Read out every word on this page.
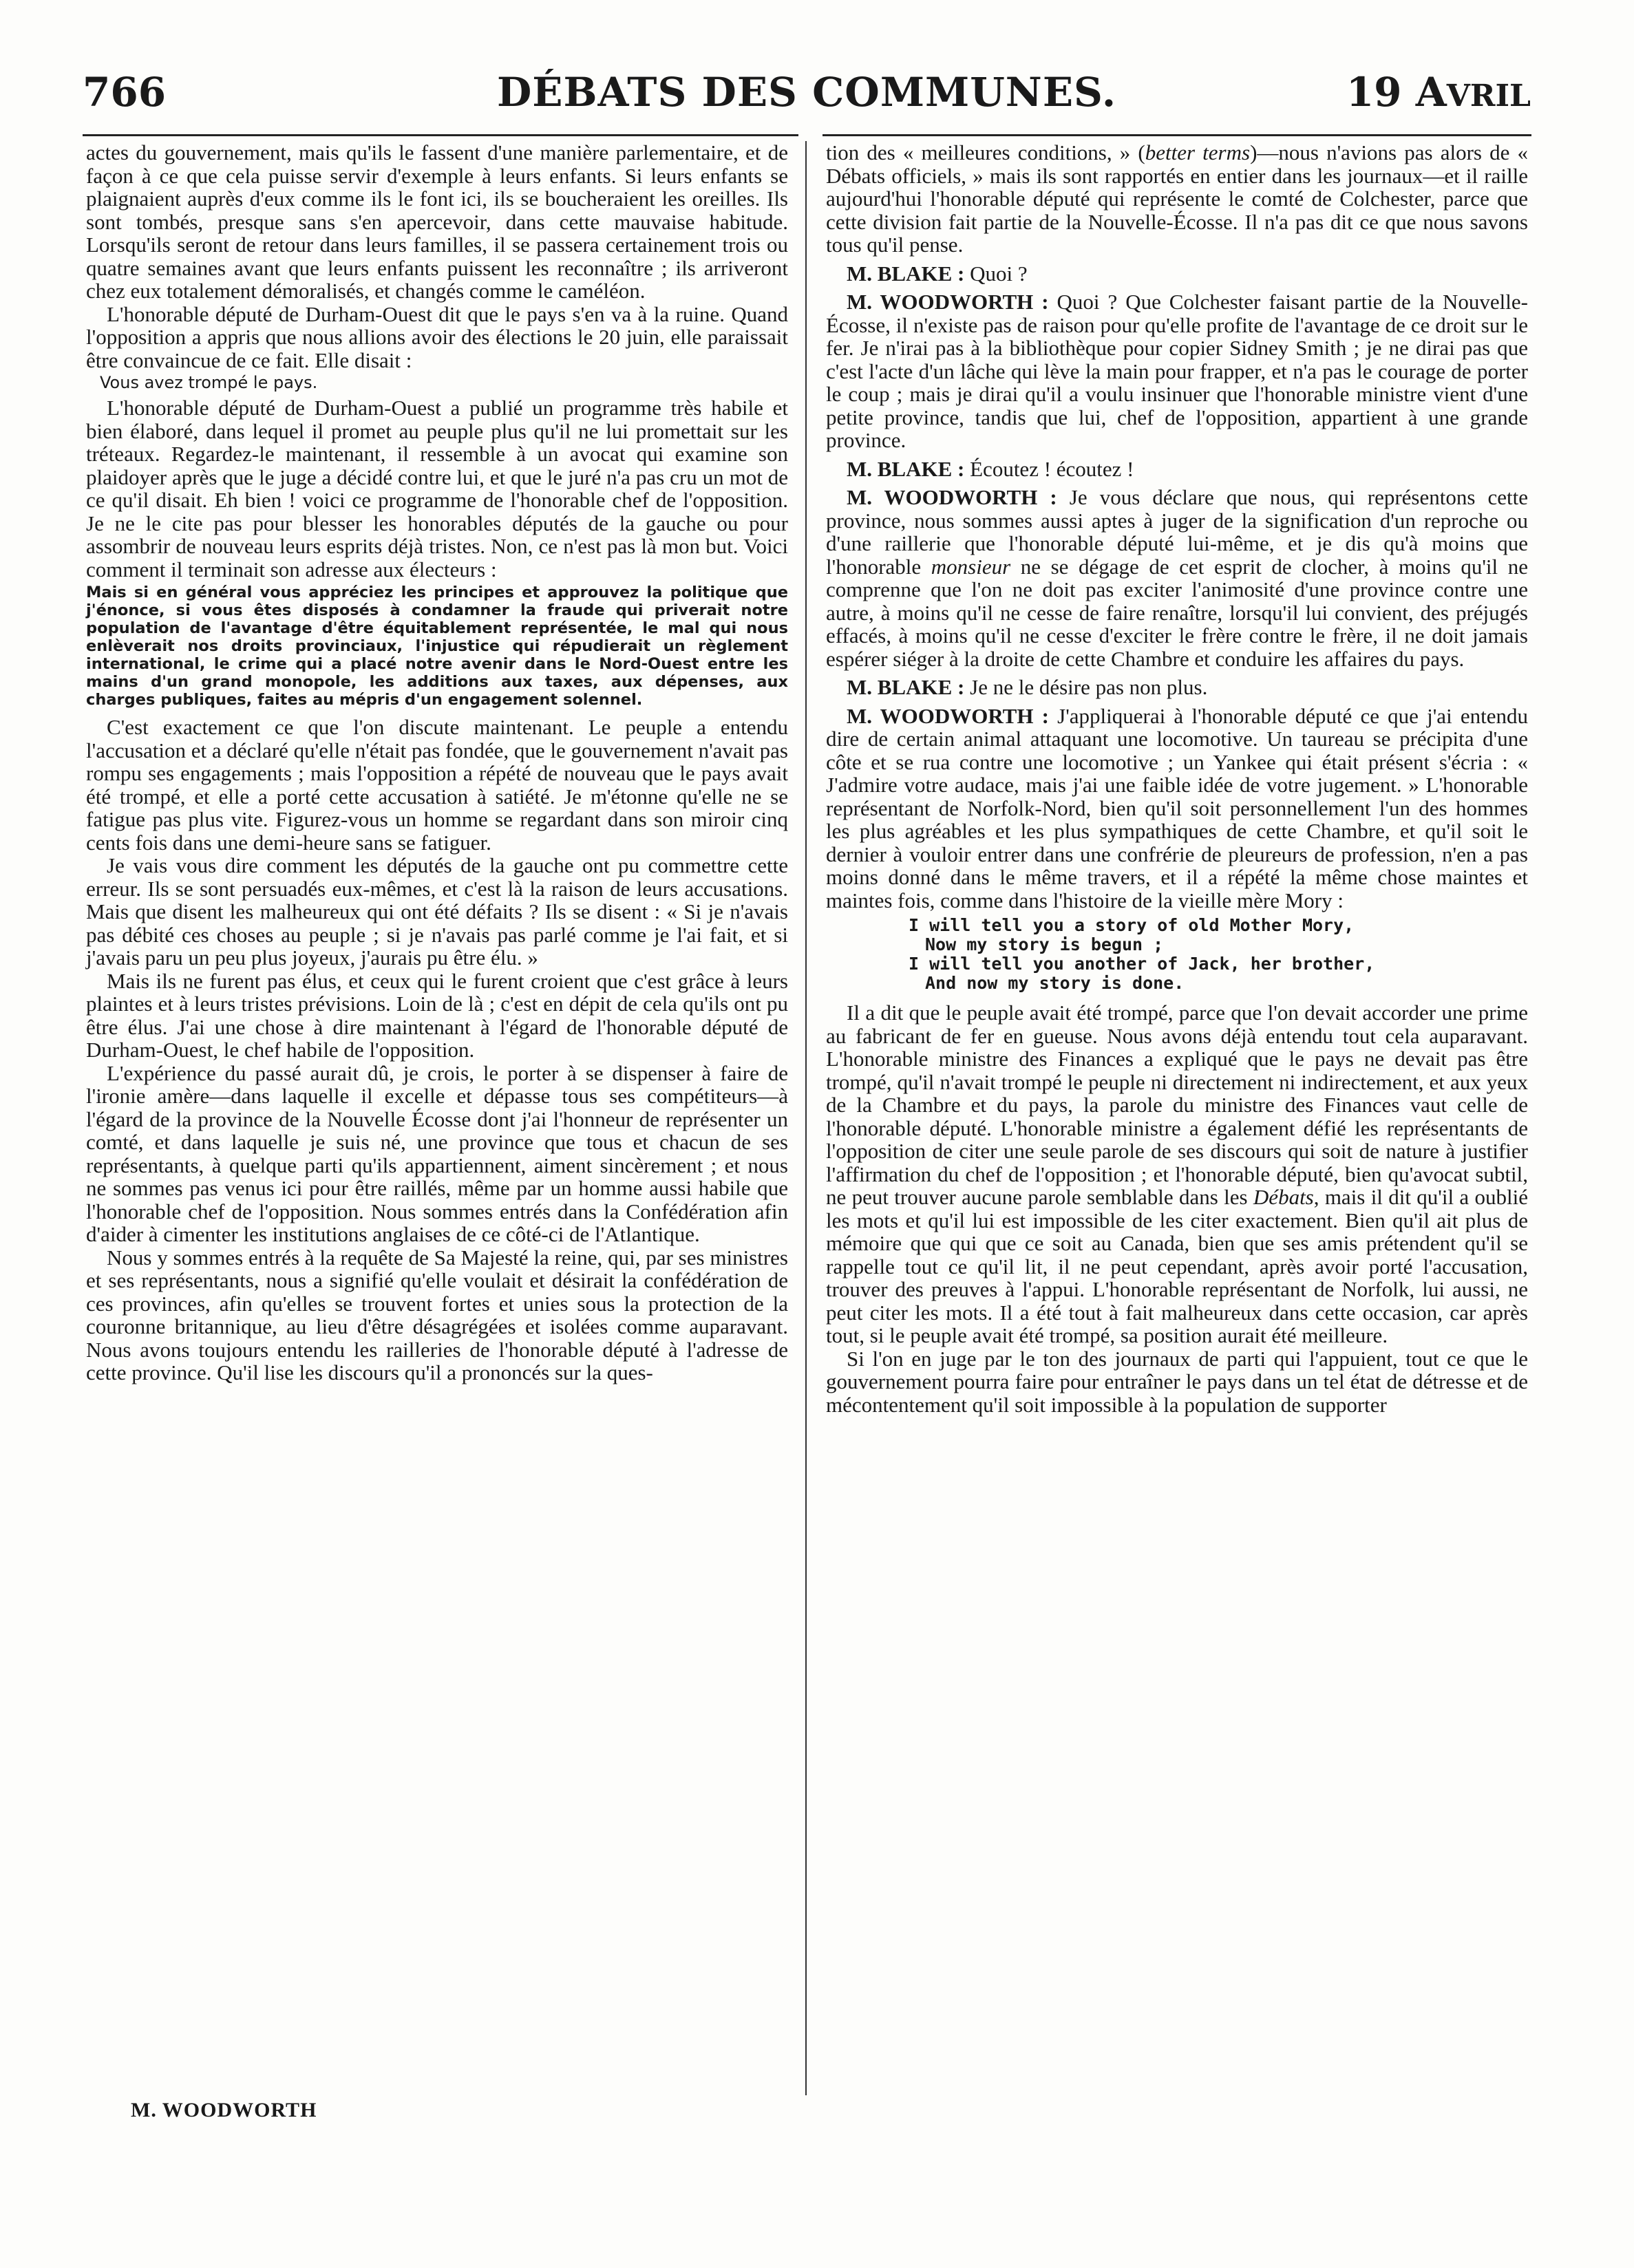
766	DÉBATS DES COMMUNES.	19 AVRIL

actes du gouvernement, mais qu'ils le fassent d'une manière parlementaire, et de façon à ce que cela puisse servir d'exemple à leurs enfants. Si leurs enfants se plaignaient auprès d'eux comme ils le font ici, ils se boucheraient les oreilles. Ils sont tombés, presque sans s'en apercevoir, dans cette mauvaise habitude. Lorsqu'ils seront de retour dans leurs familles, il se passera certainement trois ou quatre semaines avant que leurs enfants puissent les reconnaître ; ils arriveront chez eux totalement démoralisés, et changés comme le caméléon.

L'honorable député de Durham-Ouest dit que le pays s'en va à la ruine. Quand l'opposition a appris que nous allions avoir des élections le 20 juin, elle paraissait être convaincue de ce fait. Elle disait :

Vous avez trompé le pays.

L'honorable député de Durham-Ouest a publié un programme très habile et bien élaboré, dans lequel il promet au peuple plus qu'il ne lui promettait sur les tréteaux. Regardez-le maintenant, il ressemble à un avocat qui examine son plaidoyer après que le juge a décidé contre lui, et que le juré n'a pas cru un mot de ce qu'il disait. Eh bien ! voici ce programme de l'honorable chef de l'opposition. Je ne le cite pas pour blesser les honorables députés de la gauche ou pour assombrir de nouveau leurs esprits déjà tristes. Non, ce n'est pas là mon but. Voici comment il terminait son adresse aux électeurs :

Mais si en général vous appréciez les principes et approuvez la politique que j'énonce, si vous êtes disposés à condamner la fraude qui priverait notre population de l'avantage d'être équitablement représentée, le mal qui nous enlèverait nos droits provinciaux, l'injustice qui répudierait un règlement international, le crime qui a placé notre avenir dans le Nord-Ouest entre les mains d'un grand monopole, les additions aux taxes, aux dépenses, aux charges publiques, faites au mépris d'un engagement solennel.

C'est exactement ce que l'on discute maintenant. Le peuple a entendu l'accusation et a déclaré qu'elle n'était pas fondée, que le gouvernement n'avait pas rompu ses engagements ; mais l'opposition a répété de nouveau que le pays avait été trompé, et elle a porté cette accusation à satiété. Je m'étonne qu'elle ne se fatigue pas plus vite. Figurez-vous un homme se regardant dans son miroir cinq cents fois dans une demi-heure sans se fatiguer.

Je vais vous dire comment les députés de la gauche ont pu commettre cette erreur. Ils se sont persuadés eux-mêmes, et c'est là la raison de leurs accusations. Mais que disent les malheureux qui ont été défaits ? Ils se disent : « Si je n'avais pas débité ces choses au peuple ; si je n'avais pas parlé comme je l'ai fait, et si j'avais paru un peu plus joyeux, j'aurais pu être élu. »

Mais ils ne furent pas élus, et ceux qui le furent croient que c'est grâce à leurs plaintes et à leurs tristes prévisions. Loin de là ; c'est en dépit de cela qu'ils ont pu être élus. J'ai une chose à dire maintenant à l'égard de l'honorable député de Durham-Ouest, le chef habile de l'opposition.

L'expérience du passé aurait dû, je crois, le porter à se dispenser à faire de l'ironie amère—dans laquelle il excelle et dépasse tous ses compétiteurs—à l'égard de la province de la Nouvelle Écosse dont j'ai l'honneur de représenter un comté, et dans laquelle je suis né, une province que tous et chacun de ses représentants, à quelque parti qu'ils appartiennent, aiment sincèrement ; et nous ne sommes pas venus ici pour être raillés, même par un homme aussi habile que l'honorable chef de l'opposition. Nous sommes entrés dans la Confédération afin d'aider à cimenter les institutions anglaises de ce côté-ci de l'Atlantique.

Nous y sommes entrés à la requête de Sa Majesté la reine, qui, par ses ministres et ses représentants, nous a signifié qu'elle voulait et désirait la confédération de ces provinces, afin qu'elles se trouvent fortes et unies sous la protection de la couronne britannique, au lieu d'être désagrégées et isolées comme auparavant. Nous avons toujours entendu les railleries de l'honorable député à l'adresse de cette province. Qu'il lise les discours qu'il a prononcés sur la ques-

tion des « meilleures conditions, » (better terms)—nous n'avions pas alors de « Débats officiels, » mais ils sont rapportés en entier dans les journaux—et il raille aujourd'hui l'honorable député qui représente le comté de Colchester, parce que cette division fait partie de la Nouvelle-Écosse. Il n'a pas dit ce que nous savons tous qu'il pense.

M. BLAKE : Quoi ?

M. WOODWORTH : Quoi ? Que Colchester faisant partie de la Nouvelle-Écosse, il n'existe pas de raison pour qu'elle profite de l'avantage de ce droit sur le fer. Je n'irai pas à la bibliothèque pour copier Sidney Smith ; je ne dirai pas que c'est l'acte d'un lâche qui lève la main pour frapper, et n'a pas le courage de porter le coup ; mais je dirai qu'il a voulu insinuer que l'honorable ministre vient d'une petite province, tandis que lui, chef de l'opposition, appartient à une grande province.

M. BLAKE : Écoutez ! écoutez !

M. WOODWORTH : Je vous déclare que nous, qui représentons cette province, nous sommes aussi aptes à juger de la signification d'un reproche ou d'une raillerie que l'honorable député lui-même, et je dis qu'à moins que l'honorable monsieur ne se dégage de cet esprit de clocher, à moins qu'il ne comprenne que l'on ne doit pas exciter l'animosité d'une province contre une autre, à moins qu'il ne cesse de faire renaître, lorsqu'il lui convient, des préjugés effacés, à moins qu'il ne cesse d'exciter le frère contre le frère, il ne doit jamais espérer siéger à la droite de cette Chambre et conduire les affaires du pays.

M. BLAKE : Je ne le désire pas non plus.

M. WOODWORTH : J'appliquerai à l'honorable député ce que j'ai entendu dire de certain animal attaquant une locomotive. Un taureau se précipita d'une côte et se rua contre une locomotive ; un Yankee qui était présent s'écria : « J'admire votre audace, mais j'ai une faible idée de votre jugement. » L'honorable représentant de Norfolk-Nord, bien qu'il soit personnellement l'un des hommes les plus agréables et les plus sympathiques de cette Chambre, et qu'il soit le dernier à vouloir entrer dans une confrérie de pleureurs de profession, n'en a pas moins donné dans le même travers, et il a répété la même chose maintes et maintes fois, comme dans l'histoire de la vieille mère Mory :

I will tell you a story of old Mother Mory,
Now my story is begun ;
I will tell you another of Jack, her brother,
And now my story is done.

Il a dit que le peuple avait été trompé, parce que l'on devait accorder une prime au fabricant de fer en gueuse. Nous avons déjà entendu tout cela auparavant. L'honorable ministre des Finances a expliqué que le pays ne devait pas être trompé, qu'il n'avait trompé le peuple ni directement ni indirectement, et aux yeux de la Chambre et du pays, la parole du ministre des Finances vaut celle de l'honorable député. L'honorable ministre a également défié les représentants de l'opposition de citer une seule parole de ses discours qui soit de nature à justifier l'affirmation du chef de l'opposition ; et l'honorable député, bien qu'avocat subtil, ne peut trouver aucune parole semblable dans les Débats, mais il dit qu'il a oublié les mots et qu'il lui est impossible de les citer exactement. Bien qu'il ait plus de mémoire que qui que ce soit au Canada, bien que ses amis prétendent qu'il se rappelle tout ce qu'il lit, il ne peut cependant, après avoir porté l'accusation, trouver des preuves à l'appui. L'honorable représentant de Norfolk, lui aussi, ne peut citer les mots. Il a été tout à fait malheureux dans cette occasion, car après tout, si le peuple avait été trompé, sa position aurait été meilleure.

Si l'on en juge par le ton des journaux de parti qui l'appuient, tout ce que le gouvernement pourra faire pour entraîner le pays dans un tel état de détresse et de mécontentement qu'il soit impossible à la population de supporter

M. WOODWORTH
